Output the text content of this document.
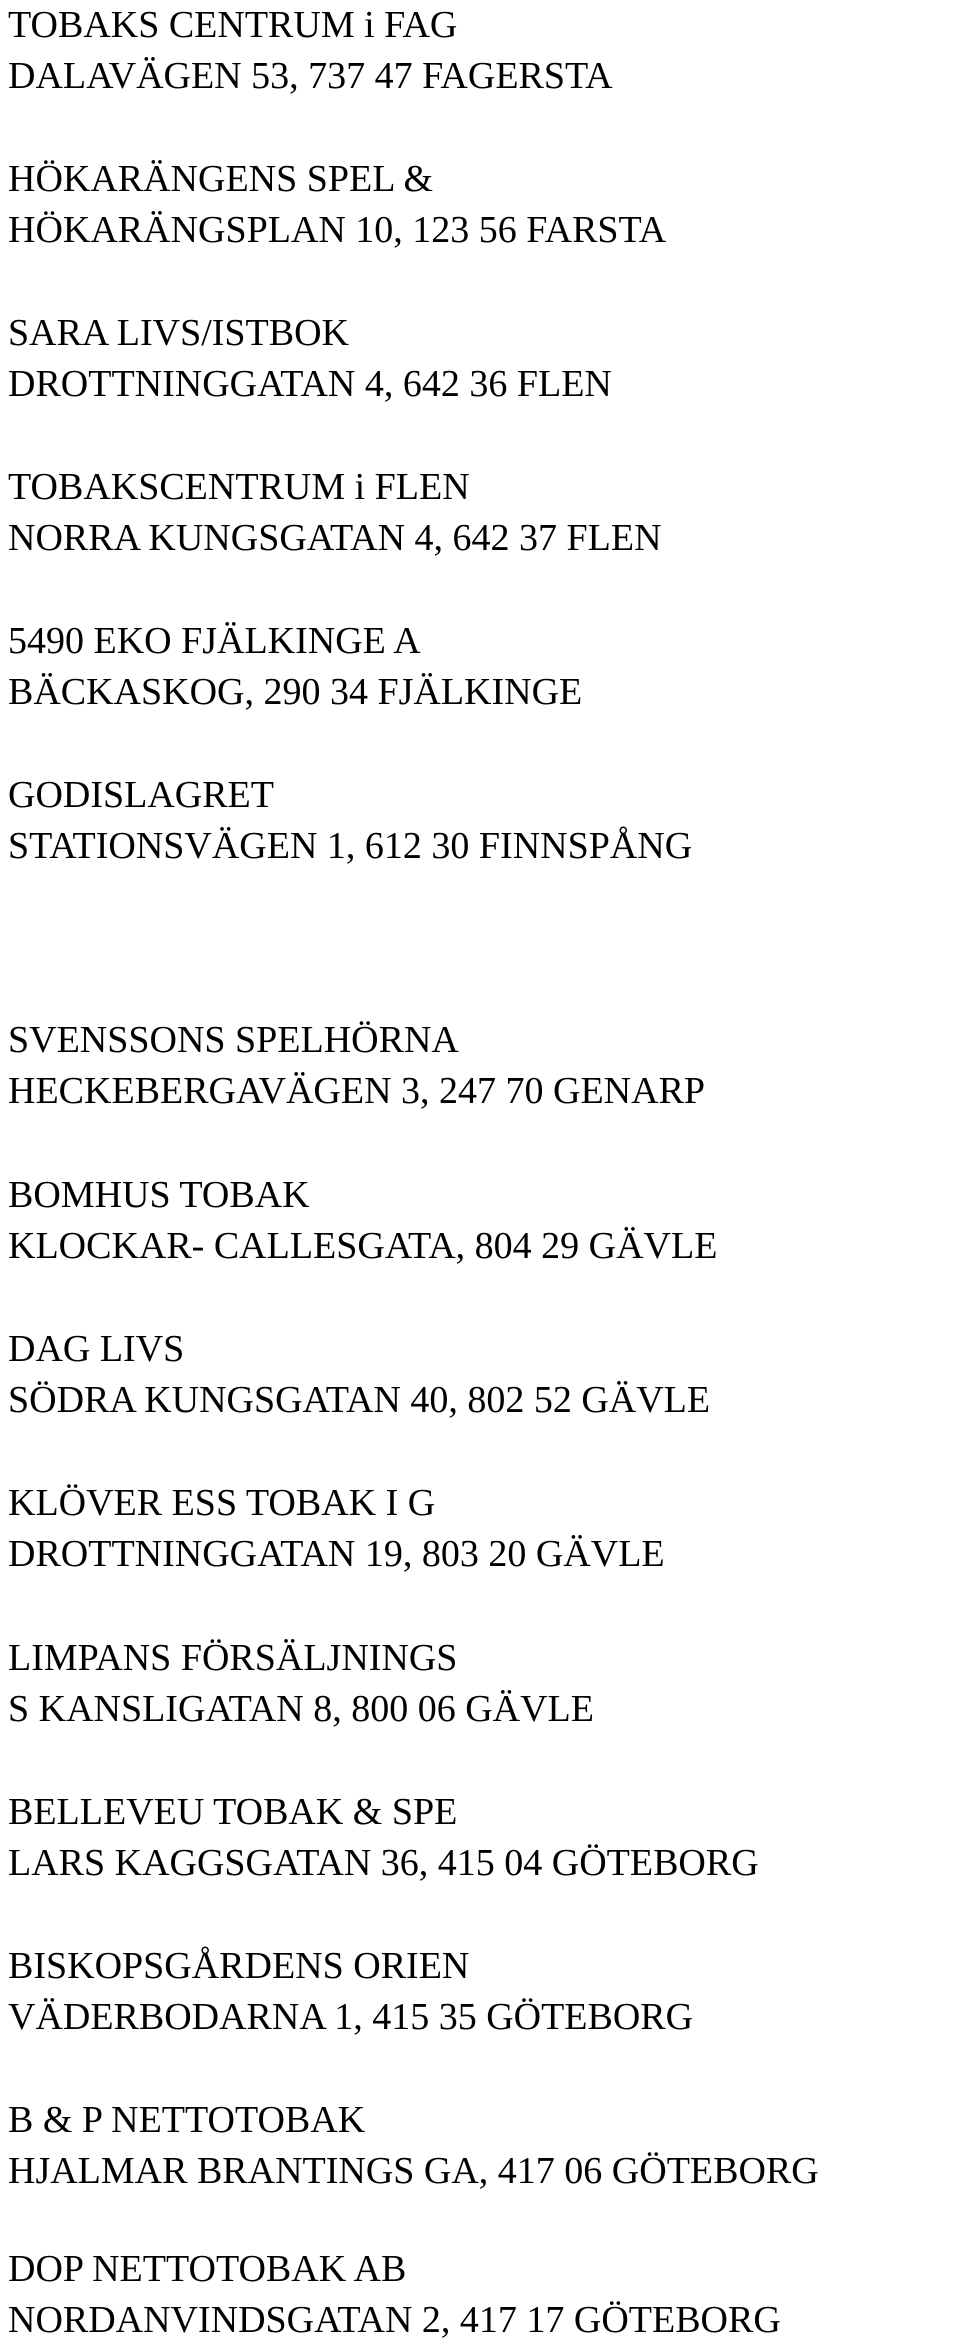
TOBAKS CENTRUM i FAG
DALAVÄGEN 53, 737 47 FAGERSTA
HÖKARÄNGENS SPEL &
HÖKARÄNGSPLAN 10, 123 56 FARSTA
SARA LIVS/ISTBOK
DROTTNINGGATAN 4, 642 36 FLEN
TOBAKSCENTRUM i FLEN
NORRA KUNGSGATAN 4, 642 37 FLEN
5490 EKO FJÄLKINGE A
BÄCKASKOG, 290 34 FJÄLKINGE
GODISLAGRET
STATIONSVÄGEN 1, 612 30 FINNSPÅNG
SVENSSONS SPELHÖRNA
HECKEBERGAVÄGEN 3, 247 70 GENARP
BOMHUS TOBAK
KLOCKAR- CALLESGATA, 804 29 GÄVLE
DAG LIVS
SÖDRA KUNGSGATAN 40, 802 52 GÄVLE
KLÖVER ESS TOBAK I G
DROTTNINGGATAN 19, 803 20 GÄVLE
LIMPANS FÖRSÄLJNINGS
S KANSLIGATAN 8, 800 06 GÄVLE
BELLEVEU TOBAK & SPE
LARS KAGGSGATAN 36, 415 04 GÖTEBORG
BISKOPSGÅRDENS ORIEN
VÄDERBODARNA 1, 415 35 GÖTEBORG
B & P NETTOTOBAK
HJALMAR BRANTINGS GA, 417 06 GÖTEBORG
DOP NETTOTOBAK AB
NORDANVINDSGATAN 2, 417 17 GÖTEBORG
